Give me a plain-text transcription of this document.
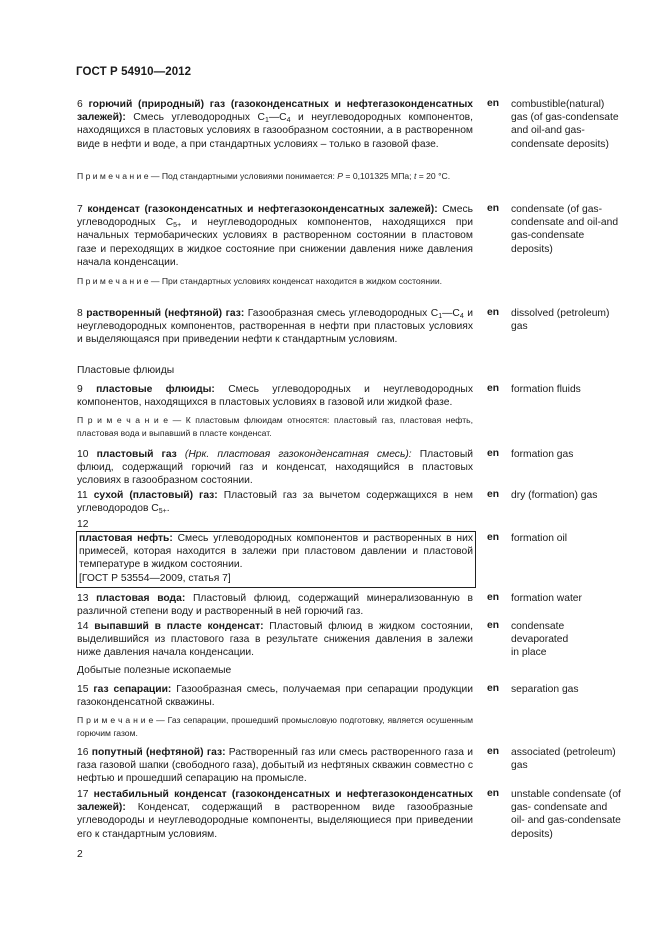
ГОСТ Р 54910—2012
6 горючий (природный) газ (газоконденсатных и нефтегазоконденсатных залежей): Смесь углеводородных $C_1—C_4$ и неуглеводородных компонентов, находящихся в пластовых условиях в газообразном состоянии, а в растворенном виде в нефти и воде, а при стандартных условиях – только в газовой фазе.
en combustible(natural) gas (of gas-condensate and oil-and gas-condensate deposits)
П р и м е ч а н и е — Под стандартными условиями понимается: Р = 0,101325 МПа; t = 20 °С.
7 конденсат (газоконденсатных и нефтегазоконденсатных залежей): Смесь углеводородных $C_{5+}$ и неуглеводородных компонентов, находящихся при начальных термобарических условиях в растворенном состоянии в пластовом газе и переходящих в жидкое состояние при снижении давления ниже давления начала конденсации.
en condensate (of gas-condensate and oil-and gas-condensate deposits)
П р и м е ч а н и е — При стандартных условиях конденсат находится в жидком состоянии.
8 растворенный (нефтяной) газ: Газообразная смесь углеводородных $C_1—C_4$ и неуглеводородных компонентов, растворенная в нефти при пластовых условиях и выделяющаяся при приведении нефти к стандартным условиям.
en dissolved (petroleum) gas
Пластовые флюиды
9 пластовые флюиды: Смесь углеводородных и неуглеводородных компонентов, находящихся в пластовых условиях в газовой или жидкой фазе.
en formation fluids
П р и м е ч а н и е — К пластовым флюидам относятся: пластовый газ, пластовая нефть, пластовая вода и выпавший в пласте конденсат.
10 пластовый газ (Нрк. пластовая газоконденсатная смесь): Пластовый флюид, содержащий горючий газ и конденсат, находящийся в пластовых условиях в газообразном состоянии.
en formation gas
11 сухой (пластовый) газ: Пластовый газ за вычетом содержащихся в нем углеводородов $C_{5+}$.
en dry (formation) gas
12
пластовая нефть: Смесь углеводородных компонентов и растворенных в них примесей, которая находится в залежи при пластовом давлении и пластовой температуре в жидком состоянии.
[ГОСТ Р 53554—2009, статья 7]
en formation oil
13 пластовая вода: Пластовый флюид, содержащий минерализованную в различной степени воду и растворенный в ней горючий газ.
en formation water
14 выпавший в пласте конденсат: Пластовый флюид в жидком состоянии, выделившийся из пластового газа в результате снижения давления в залежи ниже давления начала конденсации.
en condensate
devaporated
in place
Добытые полезные ископаемые
15 газ сепарации: Газообразная смесь, получаемая при сепарации продукции газоконденсатной скважины.
en separation gas
П р и м е ч а н и е — Газ сепарации, прошедший промысловую подготовку, является осушенным горючим газом.
16 попутный (нефтяной) газ: Растворенный газ или смесь растворенного газа и газа газовой шапки (свободного газа), добытый из нефтяных скважин совместно с нефтью и прошедший сепарацию на промысле.
en associated (petroleum) gas
17 нестабильный конденсат (газоконденсатных и нефтегазоконденсатных залежей): Конденсат, содержащий в растворенном виде газообразные углеводороды и неуглеводородные компоненты, выделяющиеся при приведении его к стандартным условиям.
en unstable condensate (of gas- condensate and oil- and gas-condensate deposits)
2
